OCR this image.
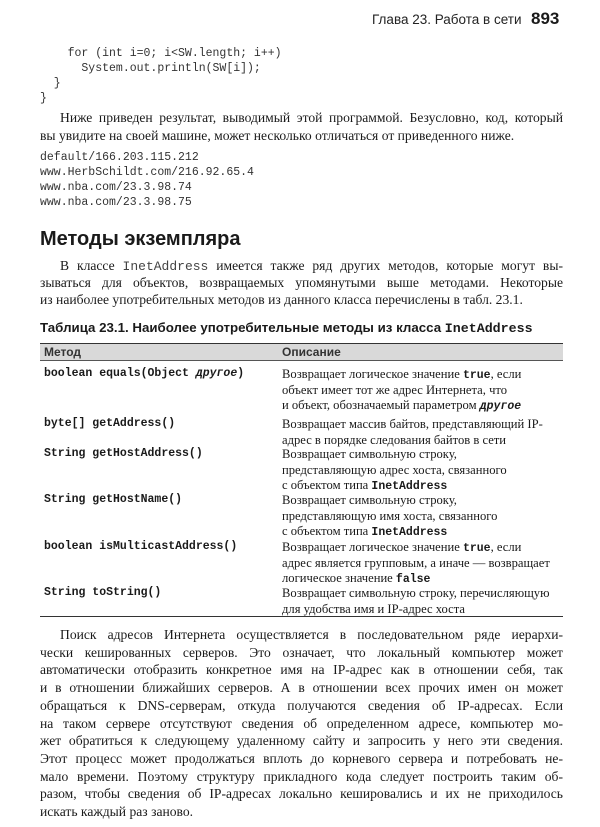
Глава 23. Работа в сети 893
Методы экземпляра
Таблица 23.1. Наиболее употребительные методы из класса InetAddress
Метод	Описание
for (int i=0; i<SW.length; i++)
System.out.println(SW[i]);
}
}
Ниже приведен результат, выводимый этой программой. Безусловно, код, который
вы увидите на своей машине, может несколько отличаться от приведенного ниже.
default/166.203.115.212
www.HerbSchildt.com/216.92.65.4
www.nba.com/23.3.98.74
www.nba.com/23.3.98.75
В классе InetAddress имеется также ряд других методов, которые могут вы-
зываться для объектов, возвращаемых упомянутыми выше методами. Некоторые
из наиболее употребительных методов из данного класса перечислены в табл. 23.1.
boolean equals(Object другое)	Возвращает логическое значение true, если
объект имеет тот же адрес Интернета, что
и объект, обозначаемый параметром другое
byte[] getAddress()	Возвращает массив байтов, представляющий IP-
адрес в порядке следования байтов в сети
String getHostAddress()	Возвращает символьную строку,
представляющую адрес хоста, связанного
с объектом типа InetAddress
String getHostName()	Возвращает символьную строку,
представляющую имя хоста, связанного
с объектом типа InetAddress
boolean isMulticastAddress()	Возвращает логическое значение true, если
адрес является групповым, а иначе — возвращает
логическое значение false
String toString()	Возвращает символьную строку, перечисляющую
для удобства имя и IP-адрес хоста
Поиск адресов Интернета осуществляется в последовательном ряде иерархи-
чески кешированных серверов. Это означает, что локальный компьютер может
автоматически отобразить конкретное имя на IP-адрес как в отношении себя, так
и в отношении ближайших серверов. А в отношении всех прочих имен он может
обращаться к DNS-серверам, откуда получаются сведения об IP-адресах. Если
на таком сервере отсутствуют сведения об определенном адресе, компьютер мо-
жет обратиться к следующему удаленному сайту и запросить у него эти сведения.
Этот процесс может продолжаться вплоть до корневого сервера и потребовать не-
мало времени. Поэтому структуру прикладного кода следует построить таким об-
разом, чтобы сведения об IP-адресах локально кешировались и их не приходилось
искать каждый раз заново.
